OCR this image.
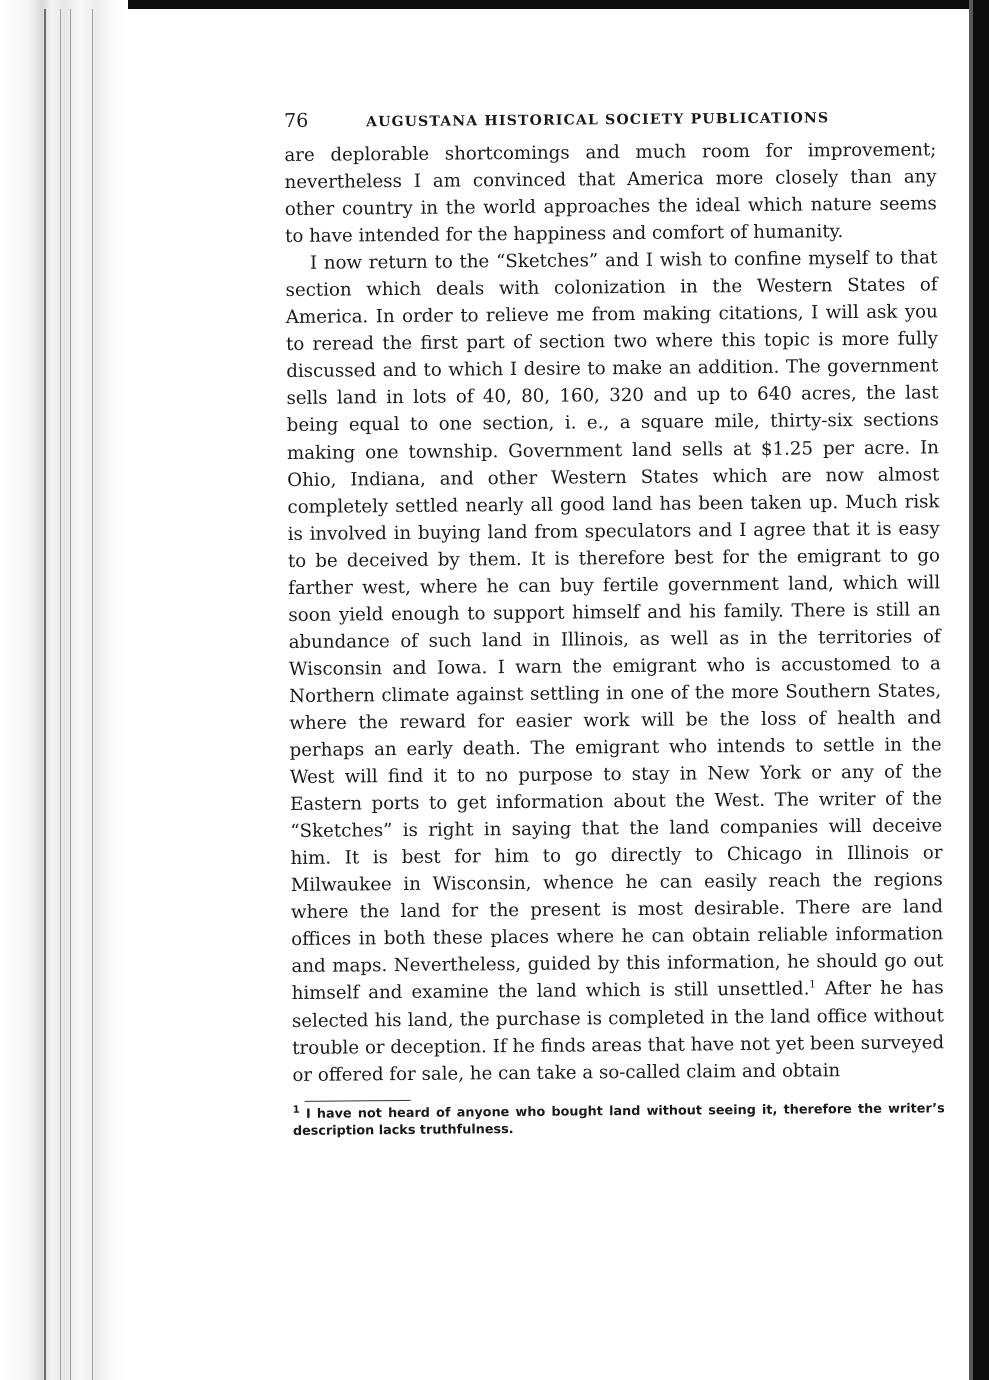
76	AUGUSTANA HISTORICAL SOCIETY PUBLICATIONS

are deplorable shortcomings and much room for improvement; nevertheless I am convinced that America more closely than any other country in the world approaches the ideal which nature seems to have intended for the happiness and comfort of humanity.

I now return to the “Sketches” and I wish to confine myself to that section which deals with colonization in the Western States of America. In order to relieve me from making citations, I will ask you to reread the first part of section two where this topic is more fully discussed and to which I desire to make an addition. The government sells land in lots of 40, 80, 160, 320 and up to 640 acres, the last being equal to one section, i. e., a square mile, thirty-six sections making one township. Government land sells at $1.25 per acre. In Ohio, Indiana, and other Western States which are now almost completely settled nearly all good land has been taken up. Much risk is involved in buying land from speculators and I agree that it is easy to be deceived by them. It is therefore best for the emigrant to go farther west, where he can buy fertile government land, which will soon yield enough to support himself and his family. There is still an abundance of such land in Illinois, as well as in the territories of Wisconsin and Iowa. I warn the emigrant who is accustomed to a Northern climate against settling in one of the more Southern States, where the reward for easier work will be the loss of health and perhaps an early death. The emigrant who intends to settle in the West will find it to no purpose to stay in New York or any of the Eastern ports to get information about the West. The writer of the “Sketches” is right in saying that the land companies will deceive him. It is best for him to go directly to Chicago in Illinois or Milwaukee in Wisconsin, whence he can easily reach the regions where the land for the present is most desirable. There are land offices in both these places where he can obtain reliable information and maps. Nevertheless, guided by this information, he should go out himself and examine the land which is still unsettled.$^1$ After he has selected his land, the purchase is completed in the land office without trouble or deception. If he finds areas that have not yet been surveyed or offered for sale, he can take a so-called claim and obtain

$^1$ I have not heard of anyone who bought land without seeing it, therefore the writer’s description lacks truthfulness.
